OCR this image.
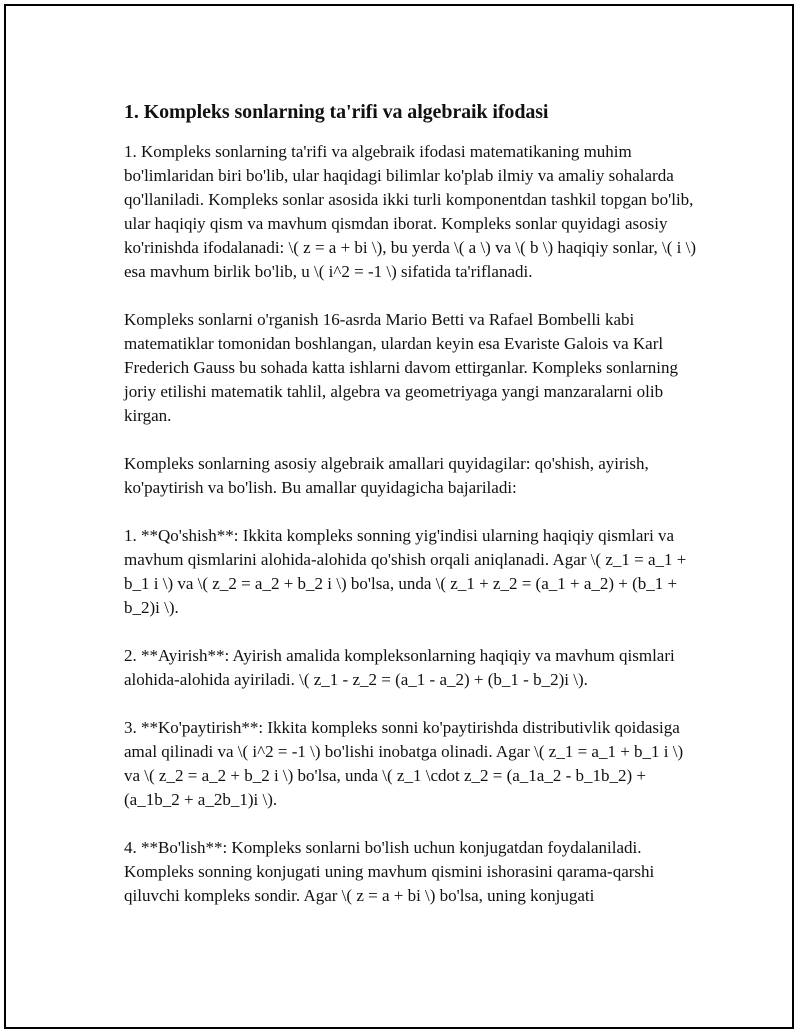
1. Kompleks sonlarning ta'rifi va algebraik ifodasi

1. Kompleks sonlarning ta'rifi va algebraik ifodasi matematikaning muhim bo'limlaridan biri bo'lib, ular haqidagi bilimlar ko'plab ilmiy va amaliy sohalarda qo'llaniladi. Kompleks sonlar asosida ikki turli komponentdan tashkil topgan bo'lib, ular haqiqiy qism va mavhum qismdan iborat. Kompleks sonlar quyidagi asosiy ko'rinishda ifodalanadi: \( z = a + bi \), bu yerda \( a \) va \( b \) haqiqiy sonlar, \( i \) esa mavhum birlik bo'lib, u \( i^2 = -1 \) sifatida ta'riflanadi.

Kompleks sonlarni o'rganish 16-asrda Mario Betti va Rafael Bombelli kabi matematiklar tomonidan boshlangan, ulardan keyin esa Evariste Galois va Karl Frederich Gauss bu sohada katta ishlarni davom ettirganlar. Kompleks sonlarning joriy etilishi matematik tahlil, algebra va geometriyaga yangi manzaralarni olib kirgan.

Kompleks sonlarning asosiy algebraik amallari quyidagilar: qo'shish, ayirish, ko'paytirish va bo'lish. Bu amallar quyidagicha bajariladi:

1. **Qo'shish**: Ikkita kompleks sonning yig'indisi ularning haqiqiy qismlari va mavhum qismlarini alohida-alohida qo'shish orqali aniqlanadi. Agar \( z_1 = a_1 + b_1 i \) va \( z_2 = a_2 + b_2 i \) bo'lsa, unda \( z_1 + z_2 = (a_1 + a_2) + (b_1 + b_2)i \).

2. **Ayirish**: Ayirish amalida kompleksonlarning haqiqiy va mavhum qismlari alohida-alohida ayiriladi. \( z_1 - z_2 = (a_1 - a_2) + (b_1 - b_2)i \).

3. **Ko'paytirish**: Ikkita kompleks sonni ko'paytirishda distributivlik qoidasiga amal qilinadi va \( i^2 = -1 \) bo'lishi inobatga olinadi. Agar \( z_1 = a_1 + b_1 i \) va \( z_2 = a_2 + b_2 i \) bo'lsa, unda \( z_1 \cdot z_2 = (a_1a_2 - b_1b_2) + (a_1b_2 + a_2b_1)i \).

4. **Bo'lish**: Kompleks sonlarni bo'lish uchun konjugatdan foydalaniladi. Kompleks sonning konjugati uning mavhum qismini ishorasini qarama-qarshi qiluvchi kompleks sondir. Agar \( z = a + bi \) bo'lsa, uning konjugati
